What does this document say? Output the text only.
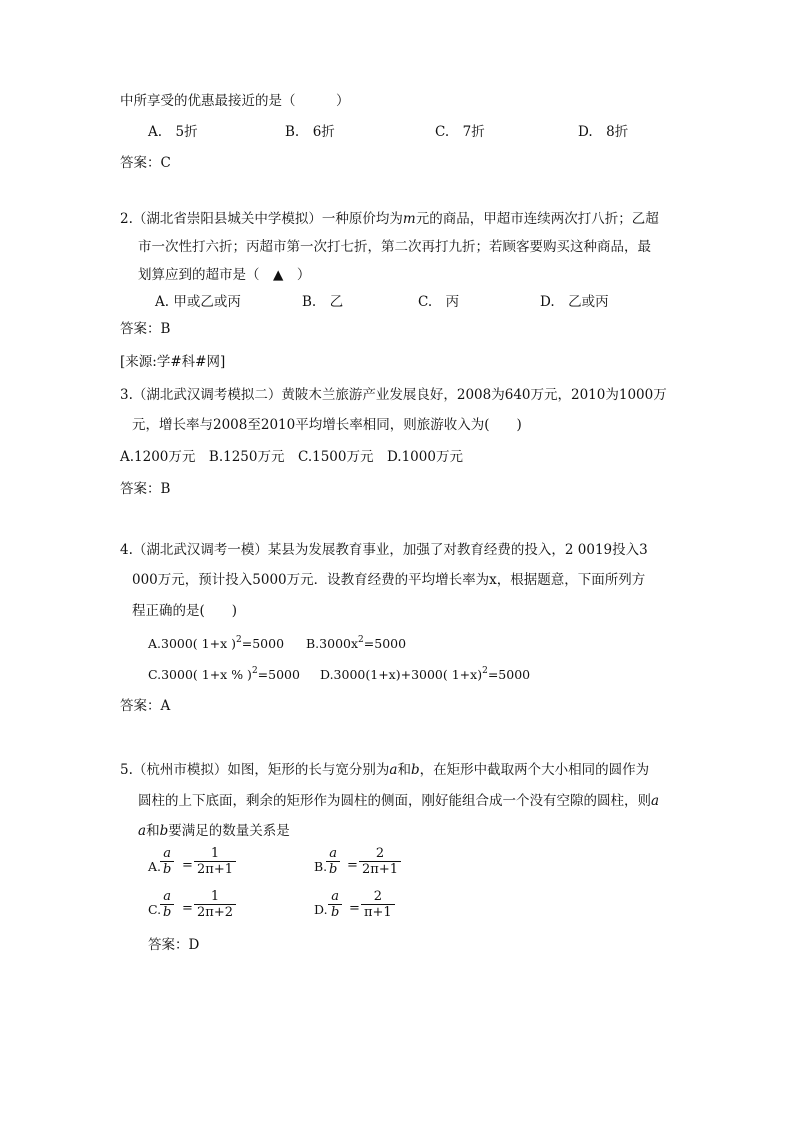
中所享受的优惠最接近的是（　　　）
A.　5折	B.　6折	C.　7折	D.　8折
答案：C
2.（湖北省崇阳县城关中学模拟）一种原价均为m元的商品，甲超市连续两次打八折；乙超
市一次性打六折；丙超市第一次打七折，第二次再打九折；若顾客要购买这种商品，最
划算应到的超市是（　▲　）
A. 甲或乙或丙	B.　乙	C.　丙	D.　乙或丙
答案：B
[来源:学#科#网]
3.（湖北武汉调考模拟二）黄陂木兰旅游产业发展良好，2008为640万元，2010为1000万
元，增长率与2008至2010平均增长率相同，则旅游收入为(　　)
A.1200万元　B.1250万元　C.1500万元　D.1000万元
答案：B
4.（湖北武汉调考一模）某县为发展教育事业，加强了对教育经费的投入，2 0019投入3
000万元，预计投入5000万元．设教育经费的平均增长率为x，根据题意，下面所列方
程正确的是(　　)
A.3000( 1+x )$^2$=5000 $B.3000x^2=5000$
C.3000( 1+x % )$^2$=5000 D.3000(1+x)+3000( 1+x)$^2$=5000
答案：A
5.（杭州市模拟）如图，矩形的长与宽分别为a和b，在矩形中截取两个大小相同的圆作为
圆柱的上下底面，剩余的矩形作为圆柱的侧面，刚好能组合成一个没有空隙的圆柱，则a
a和b要满足的数量关系是
A.
a
b =
1
2π+1	B.
a
b =
2
2π+1
C.
a
b =
1
2π+2	D.
a
b =
2
π+1
答案：D
